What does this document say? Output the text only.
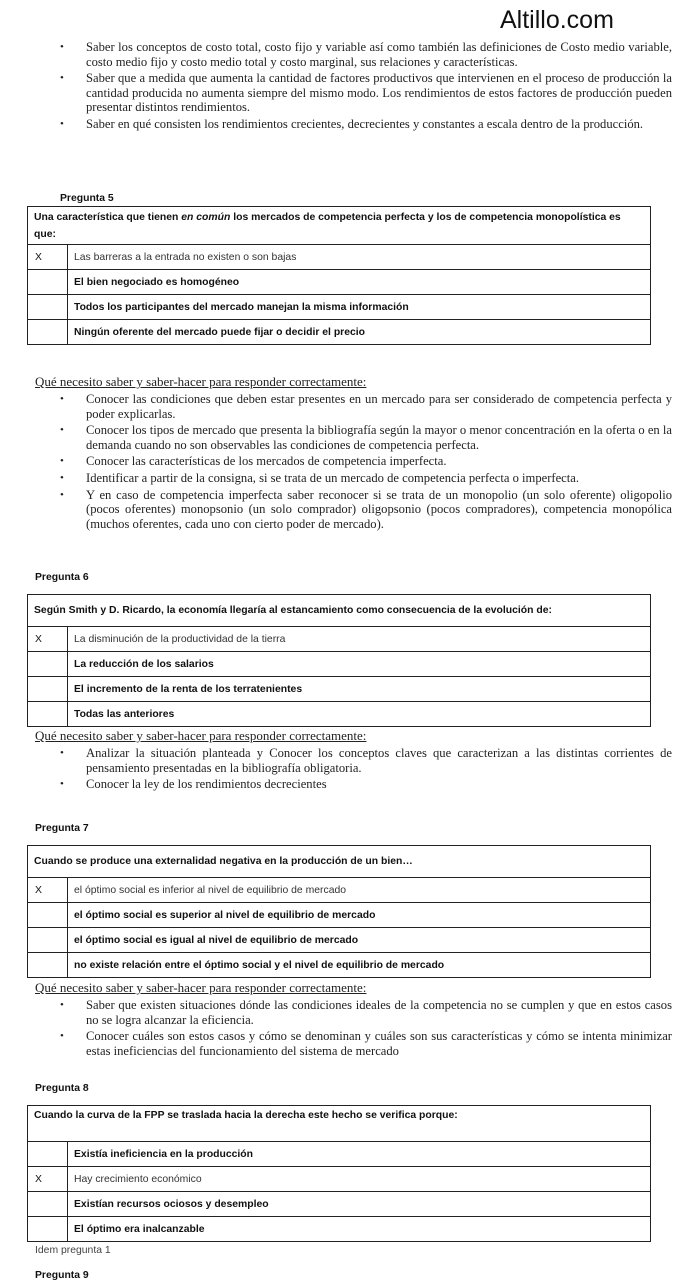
Altillo.com
• Saber los conceptos de costo total, costo fijo y variable así como también las definiciones de Costo medio variable, costo medio fijo y costo medio total y costo marginal, sus relaciones y características.
• Saber que a medida que aumenta la cantidad de factores productivos que intervienen en el proceso de producción la cantidad producida no aumenta siempre del mismo modo. Los rendimientos de estos factores de producción pueden presentar distintos rendimientos.
• Saber en qué consisten los rendimientos crecientes, decrecientes y constantes a escala dentro de la producción.
Pregunta 5
Una característica que tienen en común los mercados de competencia perfecta y los de competencia monopolística es que:	
X	Las barreras a la entrada no existen o son bajas
	El bien negociado es homogéneo
	Todos los participantes del mercado manejan la misma información
	Ningún oferente del mercado puede fijar o decidir el precio
Qué necesito saber y saber-hacer para responder correctamente:
• Conocer las condiciones que deben estar presentes en un mercado para ser considerado de competencia perfecta y poder explicarlas.
• Conocer los tipos de mercado que presenta la bibliografía según la mayor o menor concentración en la oferta o en la demanda cuando no son observables las condiciones de competencia perfecta.
• Conocer las características de los mercados de competencia imperfecta.
• Identificar a partir de la consigna, si se trata de un mercado de competencia perfecta o imperfecta.
• Y en caso de competencia imperfecta saber reconocer si se trata de un monopolio (un solo oferente) oligopolio (pocos oferentes) monopsonio (un solo comprador) oligopsonio (pocos compradores), competencia monopólica (muchos oferentes, cada uno con cierto poder de mercado).
Pregunta 6
Según Smith y D. Ricardo, la economía llegaría al estancamiento como consecuencia de la evolución de:	
X	La disminución de la productividad de la tierra
	La reducción de los salarios
	El incremento de la renta de los terratenientes
	Todas las anteriores
Qué necesito saber y saber-hacer para responder correctamente:
• Analizar la situación planteada y Conocer los conceptos claves que caracterizan a las distintas corrientes de pensamiento presentadas en la bibliografía obligatoria.
• Conocer la ley de los rendimientos decrecientes
Pregunta 7
Cuando se produce una externalidad negativa en la producción de un bien…	
X	el óptimo social es inferior al nivel de equilibrio de mercado
	el óptimo social es superior al nivel de equilibrio de mercado
	el óptimo social es igual al nivel de equilibrio de mercado
	no existe relación entre el óptimo social y el nivel de equilibrio de mercado
Qué necesito saber y saber-hacer para responder correctamente:
• Saber que existen situaciones dónde las condiciones ideales de la competencia no se cumplen y que en estos casos no se logra alcanzar la eficiencia.
• Conocer cuáles son estos casos y cómo se denominan y cuáles son sus características y cómo se intenta minimizar estas ineficiencias del funcionamiento del sistema de mercado
Pregunta 8
Cuando la curva de la FPP se traslada hacia la derecha este hecho se verifica porque:	
	Existía ineficiencia en la producción
X	Hay crecimiento económico
	Existían recursos ociosos y desempleo
	El óptimo era inalcanzable
Idem pregunta 1
Pregunta 9
